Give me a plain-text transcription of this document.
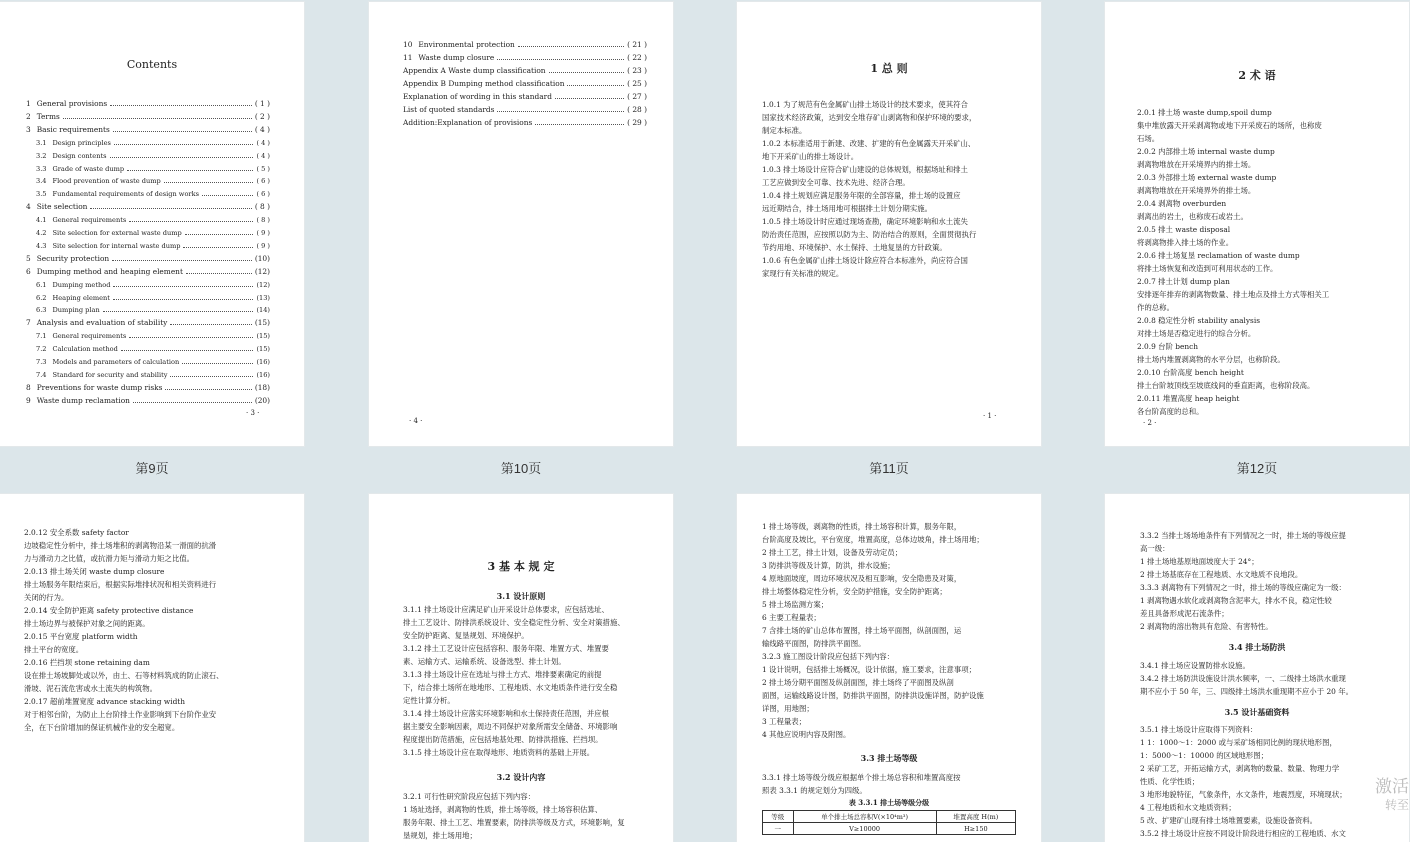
Contents
1 General provisions	( 1 )
2 Terms	( 2 )
3 Basic requirements	( 4 )
3.1 Design principles	( 4 )
3.2 Design contents	( 4 )
3.3 Grade of waste dump	( 5 )
3.4 Flood prevention of waste dump	( 6 )
3.5 Fundamental requirements of design works	( 6 )
4 Site selection	( 8 )
4.1 General requirements	( 8 )
4.2 Site selection for external waste dump	( 9 )
4.3 Site selection for internal waste dump	( 9 )
5 Security protection	(10)
6 Dumping method and heaping element	(12)
6.1 Dumping method	(12)
6.2 Heaping element	(13)
6.3 Dumping plan	(14)
7 Analysis and evaluation of stability	(15)
7.1 General requirements	(15)
7.2 Calculation method	(15)
7.3 Models and parameters of calculation	(16)
7.4 Standard for security and stability	(16)
8 Preventions for waste dump risks	(18)
9 Waste dump reclamation	(20)
· 3 ·
第9页
10 Environmental protection	( 21 )
11 Waste dump closure	( 22 )
Appendix A Waste dump classification	( 23 )
Appendix B Dumping method classification	( 25 )
Explanation of wording in this standard	( 27 )
List of quoted standards	( 28 )
Addition:Explanation of provisions	( 29 )
· 4 ·
第10页
1 总 则
1.0.1 为了规范有色金属矿山排土场设计的技术要求，使其符合
国家技术经济政策，达到安全堆存矿山剥离物和保护环境的要求，
制定本标准。
1.0.2 本标准适用于新建、改建、扩建的有色金属露天开采矿山、
地下开采矿山的排土场设计。
1.0.3 排土场设计应符合矿山建设的总体规划，根据场址和排土
工艺应做到安全可靠、技术先进、经济合理。
1.0.4 排土规划应满足服务年限的全部容量，排土场的设置应
远近期结合，排土场用地可根据排土计划分期实施。
1.0.5 排土场设计时应通过现场查勘，确定环境影响和水土流失
防治责任范围，应按照以防为主、防治结合的原则，全面贯彻执行
节约用地、环境保护、水土保持、土地复垦的方针政策。
1.0.6 有色金属矿山排土场设计除应符合本标准外，尚应符合国
家现行有关标准的规定。
· 1 ·
第11页
2 术 语
2.0.1 排土场 waste dump,spoil dump
集中堆放露天开采剥离物或地下开采废石的场所，也称废
石场。
2.0.2 内部排土场 internal waste dump
剥离物堆放在开采境界内的排土场。
2.0.3 外部排土场 external waste dump
剥离物堆放在开采境界外的排土场。
2.0.4 剥离物 overburden
剥离出的岩土，也称废石或岩土。
2.0.5 排土 waste disposal
将剥离物排入排土场的作业。
2.0.6 排土场复垦 reclamation of waste dump
将排土场恢复和改造到可利用状态的工作。
2.0.7 排土计划 dump plan
安排逐年排弃的剥离物数量、排土地点及排土方式等相关工
作的总称。
2.0.8 稳定性分析 stability analysis
对排土场是否稳定进行的综合分析。
2.0.9 台阶 bench
排土场内堆置剥离物的水平分层，也称阶段。
2.0.10 台阶高度 bench height
排土台阶坡顶线至坡底线间的垂直距离，也称阶段高。
2.0.11 堆置高度 heap height
各台阶高度的总和。
· 2 ·
第12页
2.0.12 安全系数 safety factor
边坡稳定性分析中，排土场堆积的剥离物沿某一滑面的抗滑
力与滑动力之比值，或抗滑力矩与滑动力矩之比值。
2.0.13 排土场关闭 waste dump closure
排土场服务年限结束后，根据实际堆排状况和相关资料进行
关闭的行为。
2.0.14 安全防护距离 safety protective distance
排土场边界与被保护对象之间的距离。
2.0.15 平台宽度 platform width
排土平台的宽度。
2.0.16 拦挡坝 stone retaining dam
设在排土场坡脚处或以外，由土、石等材料筑成的防止滚石、
滑坡、泥石流危害或水土流失的构筑物。
2.0.17 超前堆置宽度 advance stacking width
对于相邻台阶，为防止上台阶排土作业影响到下台阶作业安
全，在下台阶增加的保证机械作业的安全超宽。
3 基 本 规 定
3.1 设计原则
3.1.1 排土场设计应满足矿山开采设计总体要求，应包括选址、
排土工艺设计、防排洪系统设计、安全稳定性分析、安全对策措施、
安全防护距离、复垦规划、环境保护。
3.1.2 排土工艺设计应包括容积、服务年限、堆置方式、堆置要
素、运输方式、运输系统、设备选型、排土计划。
3.1.3 排土场设计应在选址与排土方式、堆排要素确定的前提
下，结合排土场所在地地形、工程地质、水文地质条件进行安全稳
定性计算分析。
3.1.4 排土场设计应落实环境影响和水土保持责任范围，并应根
据主要安全影响因素，周边不同保护对象所需安全储备、环境影响
程度提出防范措施，应包括地基处理、防排洪措施、拦挡坝。
3.1.5 排土场设计应在取得地形、地质资料的基础上开展。
3.2 设计内容
3.2.1 可行性研究阶段应包括下列内容：
1 场址选择，剥离物的性质，排土场等级，排土场容积估算、
服务年限、排土工艺、堆置要素，防排洪等级及方式，环境影响，复
垦规划，排土场用地；
1 排土场等级，剥离物的性质，排土场容积计算，服务年限，
台阶高度及坡比，平台宽度，堆置高度，总体边坡角，排土场用地；
2 排土工艺，排土计划，设备及劳动定员；
3 防排洪等级及计算，防洪，排水设施；
4 原地面坡度，周边环境状况及相互影响，安全隐患及对策，
排土场整体稳定性分析，安全防护措施，安全防护距离；
5 排土场监测方案；
6 主要工程量表；
7 含排土场的矿山总体布置图，排土场平面图，纵剖面图，运
输线路平面图，防排洪平面图。
3.2.3 施工图设计阶段应包括下列内容：
1 设计说明，包括排土场概况，设计依据，施工要求，注意事项；
2 排土场分期平面图及纵剖面图，排土场终了平面图及纵剖
面图，运输线路设计图，防排洪平面图，防排洪设施详图，防护设施
详图，用地图；
3 工程量表；
4 其他应说明内容及附图。
3.3 排土场等级
3.3.1 排土场等级分级应根据单个排土场总容积和堆置高度按
照表 3.3.1 的规定划分为四级。
表 3.3.1 排土场等级分级
等级	单个排土场总容积V(×10⁴m³)	堆置高度 H(m)
一	V≥10000	H≥150
3.3.2 当排土场场地条件有下列情况之一时，排土场的等级应提
高一级：
1 排土场地基原地面坡度大于 24°；
2 排土场基底存在工程地质、水文地质不良地段。
3.3.3 剥离物有下列情况之一时，排土场的等级应确定为一级：
1 剥离物遇水软化或剥离物含泥率大，排水不良，稳定性较
差且具备形成泥石流条件；
2 剥离物的溶出物具有危险、有害特性。
3.4 排土场防洪
3.4.1 排土场应设置防排水设施。
3.4.2 排土场防洪设施设计洪水频率，一、二级排土场洪水重现
期不应小于 50 年，三、四级排土场洪水重现期不应小于 20 年。
3.5 设计基础资料
3.5.1 排土场设计应取得下列资料：
1 1：1000～1：2000 或与采矿场相同比例的现状地形图，
1：5000～1：10000 的区域地形图；
2 采矿工艺，开拓运输方式，剥离物的数量、数量、物理力学
性质、化学性质；
3 地形地貌特征，气象条件，水文条件，地震烈度，环境现状；
4 工程地质和水文地质资料；
5 改、扩建矿山现有排土场堆置要素，设施设备资料。
3.5.2 排土场设计应按不同设计阶段进行相应的工程地质、水文
激活
转至
